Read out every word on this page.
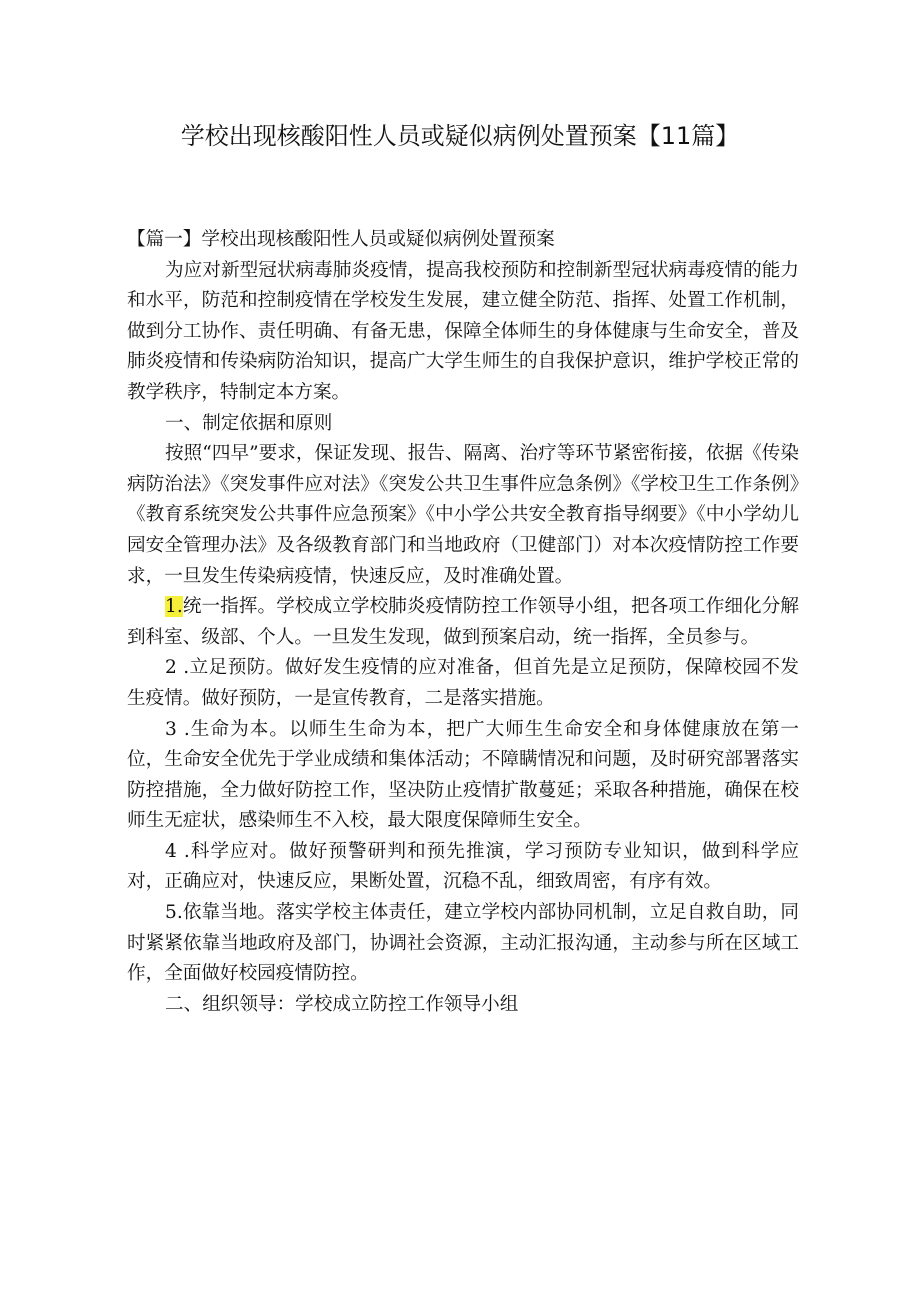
学校出现核酸阳性人员或疑似病例处置预案【11篇】

【篇一】学校出现核酸阳性人员或疑似病例处置预案

为应对新型冠状病毒肺炎疫情，提高我校预防和控制新型冠状病毒疫情的能力和水平，防范和控制疫情在学校发生发展，建立健全防范、指挥、处置工作机制，做到分工协作、责任明确、有备无患，保障全体师生的身体健康与生命安全，普及肺炎疫情和传染病防治知识，提高广大学生师生的自我保护意识，维护学校正常的教学秩序，特制定本方案。

一、制定依据和原则

按照“四早”要求，保证发现、报告、隔离、治疗等环节紧密衔接，依据《传染病防治法》《突发事件应对法》《突发公共卫生事件应急条例》《学校卫生工作条例》《教育系统突发公共事件应急预案》《中小学公共安全教育指导纲要》《中小学幼儿园安全管理办法》及各级教育部门和当地政府（卫健部门）对本次疫情防控工作要求，一旦发生传染病疫情，快速反应，及时准确处置。

1.统一指挥。学校成立学校肺炎疫情防控工作领导小组，把各项工作细化分解到科室、级部、个人。一旦发生发现，做到预案启动，统一指挥，全员参与。

2 .立足预防。做好发生疫情的应对准备，但首先是立足预防，保障校园不发生疫情。做好预防，一是宣传教育，二是落实措施。

3 .生命为本。以师生生命为本，把广大师生生命安全和身体健康放在第一位，生命安全优先于学业成绩和集体活动；不障瞒情况和问题，及时研究部署落实防控措施，全力做好防控工作，坚决防止疫情扩散蔓延；采取各种措施，确保在校师生无症状，感染师生不入校，最大限度保障师生安全。

4 .科学应对。做好预警研判和预先推演，学习预防专业知识，做到科学应对，正确应对，快速反应，果断处置，沉稳不乱，细致周密，有序有效。

5.依靠当地。落实学校主体责任，建立学校内部协同机制，立足自救自助，同时紧紧依靠当地政府及部门，协调社会资源，主动汇报沟通，主动参与所在区域工作，全面做好校园疫情防控。

二、组织领导：学校成立防控工作领导小组
